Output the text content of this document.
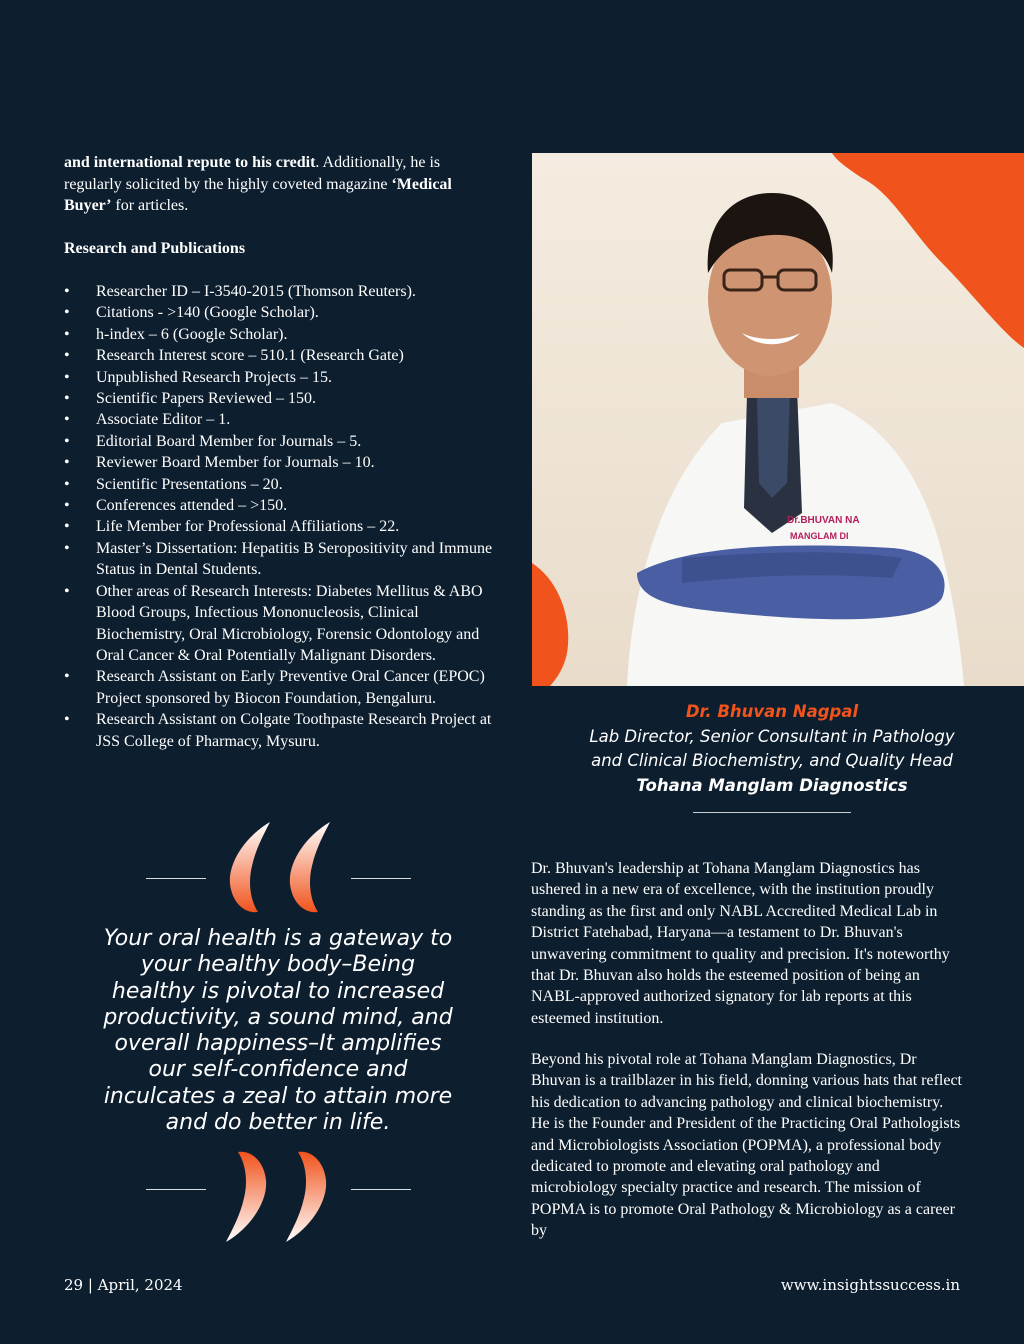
and international repute to his credit. Additionally, he is regularly solicited by the highly coveted magazine ‘Medical Buyer’ for articles.
Research and Publications
• Researcher ID – I-3540-2015 (Thomson Reuters).
• Citations - >140 (Google Scholar).
• h-index – 6 (Google Scholar).
• Research Interest score – 510.1 (Research Gate)
• Unpublished Research Projects – 15.
• Scientific Papers Reviewed – 150.
• Associate Editor – 1.
• Editorial Board Member for Journals – 5.
• Reviewer Board Member for Journals – 10.
• Scientific Presentations – 20.
• Conferences attended – >150.
• Life Member for Professional Affiliations – 22.
• Master’s Dissertation: Hepatitis B Seropositivity and Immune Status in Dental Students.
• Other areas of Research Interests: Diabetes Mellitus & ABO Blood Groups, Infectious Mononucleosis, Clinical Biochemistry, Oral Microbiology, Forensic Odontology and Oral Cancer & Oral Potentially Malignant Disorders.
• Research Assistant on Early Preventive Oral Cancer (EPOC) Project sponsored by Biocon Foundation, Bengaluru.
• Research Assistant on Colgate Toothpaste Research Project at JSS College of Pharmacy, Mysuru.
Dr.BHUVAN NA
MANGLAM DI
Dr. Bhuvan Nagpal
Lab Director, Senior Consultant in Pathology
and Clinical Biochemistry, and Quality Head
Tohana Manglam Diagnostics
Your oral health is a gateway to your healthy body–Being healthy is pivotal to increased productivity, a sound mind, and overall happiness–It amplifies our self-confidence and inculcates a zeal to attain more and do better in life.
Dr. Bhuvan's leadership at Tohana Manglam Diagnostics has ushered in a new era of excellence, with the institution proudly standing as the first and only NABL Accredited Medical Lab in District Fatehabad, Haryana—a testament to Dr. Bhuvan's unwavering commitment to quality and precision. It's noteworthy that Dr. Bhuvan also holds the esteemed position of being an NABL-approved authorized signatory for lab reports at this esteemed institution.
Beyond his pivotal role at Tohana Manglam Diagnostics, Dr Bhuvan is a trailblazer in his field, donning various hats that reflect his dedication to advancing pathology and clinical biochemistry. He is the Founder and President of the Practicing Oral Pathologists and Microbiologists Association (POPMA), a professional body dedicated to promote and elevating oral pathology and microbiology specialty practice and research. The mission of POPMA is to promote Oral Pathology & Microbiology as a career by
29 | April, 2024	www.insightssuccess.in
